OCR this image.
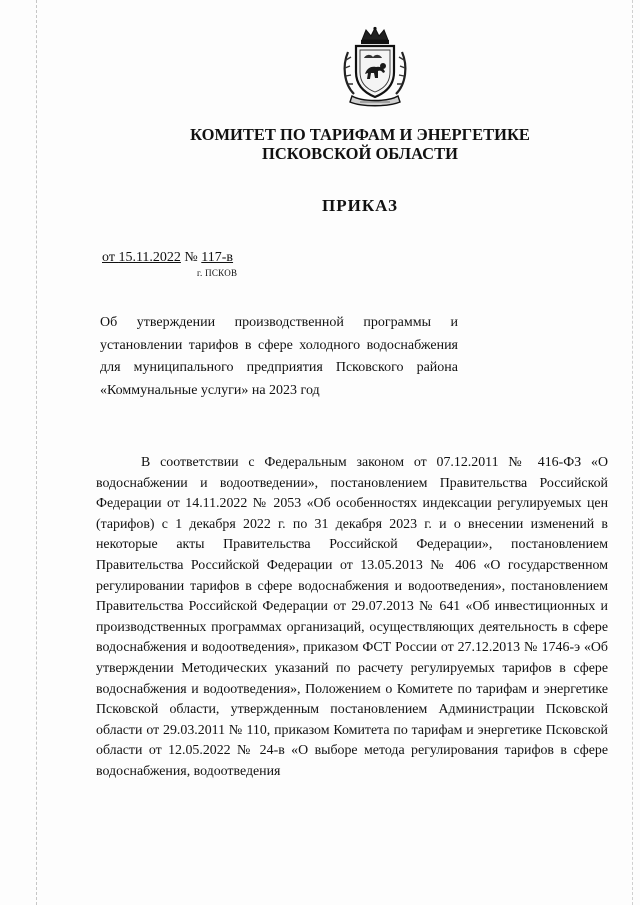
КОМИТЕТ ПО ТАРИФАМ И ЭНЕРГЕТИКЕ
ПСКОВСКОЙ ОБЛАСТИ
ПРИКАЗ
от 15.11.2022 № 117-в
г. ПСКОВ
Об утверждении производственной программы и установлении тарифов в сфере холодного водоснабжения для муниципального предприятия Псковского района «Коммунальные услуги» на 2023 год
В соответствии с Федеральным законом от 07.12.2011 № 416-ФЗ «О водоснабжении и водоотведении», постановлением Правительства Российской Федерации от 14.11.2022 № 2053 «Об особенностях индексации регулируемых цен (тарифов) с 1 декабря 2022 г. по 31 декабря 2023 г. и о внесении изменений в некоторые акты Правительства Российской Федерации», постановлением Правительства Российской Федерации от 13.05.2013 № 406 «О государственном регулировании тарифов в сфере водоснабжения и водоотведения», постановлением Правительства Российской Федерации от 29.07.2013 № 641 «Об инвестиционных и производственных программах организаций, осуществляющих деятельность в сфере водоснабжения и водоотведения», приказом ФСТ России от 27.12.2013 № 1746-э «Об утверждении Методических указаний по расчету регулируемых тарифов в сфере водоснабжения и водоотведения», Положением о Комитете по тарифам и энергетике Псковской области, утвержденным постановлением Администрации Псковской области от 29.03.2011 № 110, приказом Комитета по тарифам и энергетике Псковской области от 12.05.2022 № 24-в «О выборе метода регулирования тарифов в сфере водоснабжения, водоотведения
